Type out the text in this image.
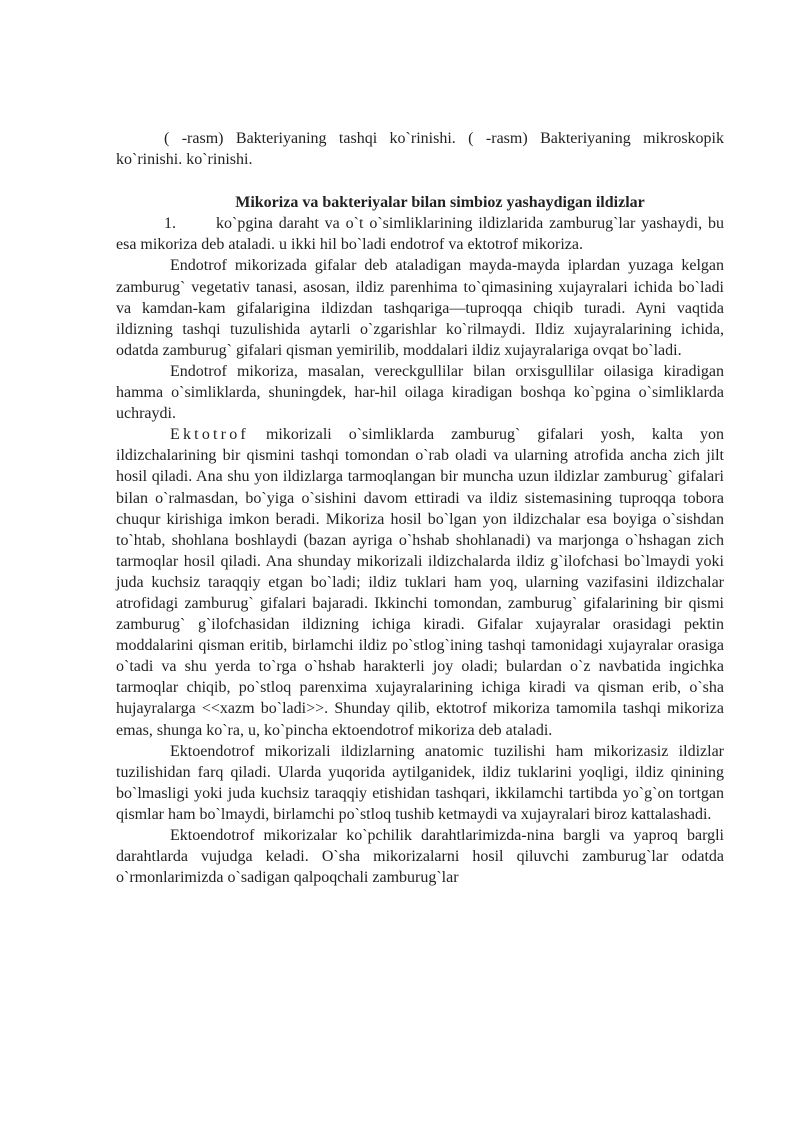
( -rasm) Bakteriyaning tashqi ko`rinishi. ( -rasm) Bakteriyaning mikroskopik ko`rinishi. ko`rinishi.

Mikoriza va bakteriyalar bilan simbioz yashaydigan ildizlar

1.	ko`pgina daraht va o`t o`simliklarining ildizlarida zamburug`lar yashaydi, bu esa mikoriza deb ataladi. u ikki hil bo`ladi endotrof va ektotrof mikoriza.

Endotrof mikorizada gifalar deb ataladigan mayda-mayda iplardan yuzaga kelgan zamburug` vegetativ tanasi, asosan, ildiz parenhima to`qimasining xujayralari ichida bo`ladi va kamdan-kam gifalarigina ildizdan tashqariga—tuproqqa chiqib turadi. Ayni vaqtida ildizning tashqi tuzulishida aytarli o`zgarishlar ko`rilmaydi. Ildiz xujayralarining ichida, odatda zamburug` gifalari qisman yemirilib, moddalari ildiz xujayralariga ovqat bo`ladi.

Endotrof mikoriza, masalan, vereckgullilar bilan orxisgullilar oilasiga kiradigan hamma o`simliklarda, shuningdek, har-hil oilaga kiradigan boshqa ko`pgina o`simliklarda uchraydi.

Ektotrof mikorizali o`simliklarda zamburug` gifalari yosh, kalta yon ildizchalarining bir qismini tashqi tomondan o`rab oladi va ularning atrofida ancha zich jilt hosil qiladi. Ana shu yon ildizlarga tarmoqlangan bir muncha uzun ildizlar zamburug` gifalari bilan o`ralmasdan, bo`yiga o`sishini davom ettiradi va ildiz sistemasining tuproqqa tobora chuqur kirishiga imkon beradi. Mikoriza hosil bo`lgan yon ildizchalar esa boyiga o`sishdan to`htab, shohlana boshlaydi (bazan ayriga o`hshab shohlanadi) va marjonga o`hshagan zich tarmoqlar hosil qiladi. Ana shunday mikorizali ildizchalarda ildiz g`ilofchasi bo`lmaydi yoki juda kuchsiz taraqqiy etgan bo`ladi; ildiz tuklari ham yoq, ularning vazifasini ildizchalar atrofidagi zamburug` gifalari bajaradi. Ikkinchi tomondan, zamburug` gifalarining bir qismi zamburug` g`ilofchasidan ildizning ichiga kiradi. Gifalar xujayralar orasidagi pektin moddalarini qisman eritib, birlamchi ildiz po`stlog`ining tashqi tamonidagi xujayralar orasiga o`tadi va shu yerda to`rga o`hshab harakterli joy oladi; bulardan o`z navbatida ingichka tarmoqlar chiqib, po`stloq parenxima xujayralarining ichiga kiradi va qisman erib, o`sha hujayralarga <<xazm bo`ladi>>. Shunday qilib, ektotrof mikoriza tamomila tashqi mikoriza emas, shunga ko`ra, u, ko`pincha ektoendotrof mikoriza deb ataladi.

Ektoendotrof mikorizali ildizlarning anatomic tuzilishi ham mikorizasiz ildizlar tuzilishidan farq qiladi. Ularda yuqorida aytilganidek, ildiz tuklarini yoqligi, ildiz qinining bo`lmasligi yoki juda kuchsiz taraqqiy etishidan tashqari, ikkilamchi tartibda yo`g`on tortgan qismlar ham bo`lmaydi, birlamchi po`stloq tushib ketmaydi va xujayralari biroz kattalashadi.

Ektoendotrof mikorizalar ko`pchilik darahtlarimizda-nina bargli va yaproq bargli darahtlarda vujudga keladi. O`sha mikorizalarni hosil qiluvchi zamburug`lar odatda o`rmonlarimizda o`sadigan qalpoqchali zamburug`lar
